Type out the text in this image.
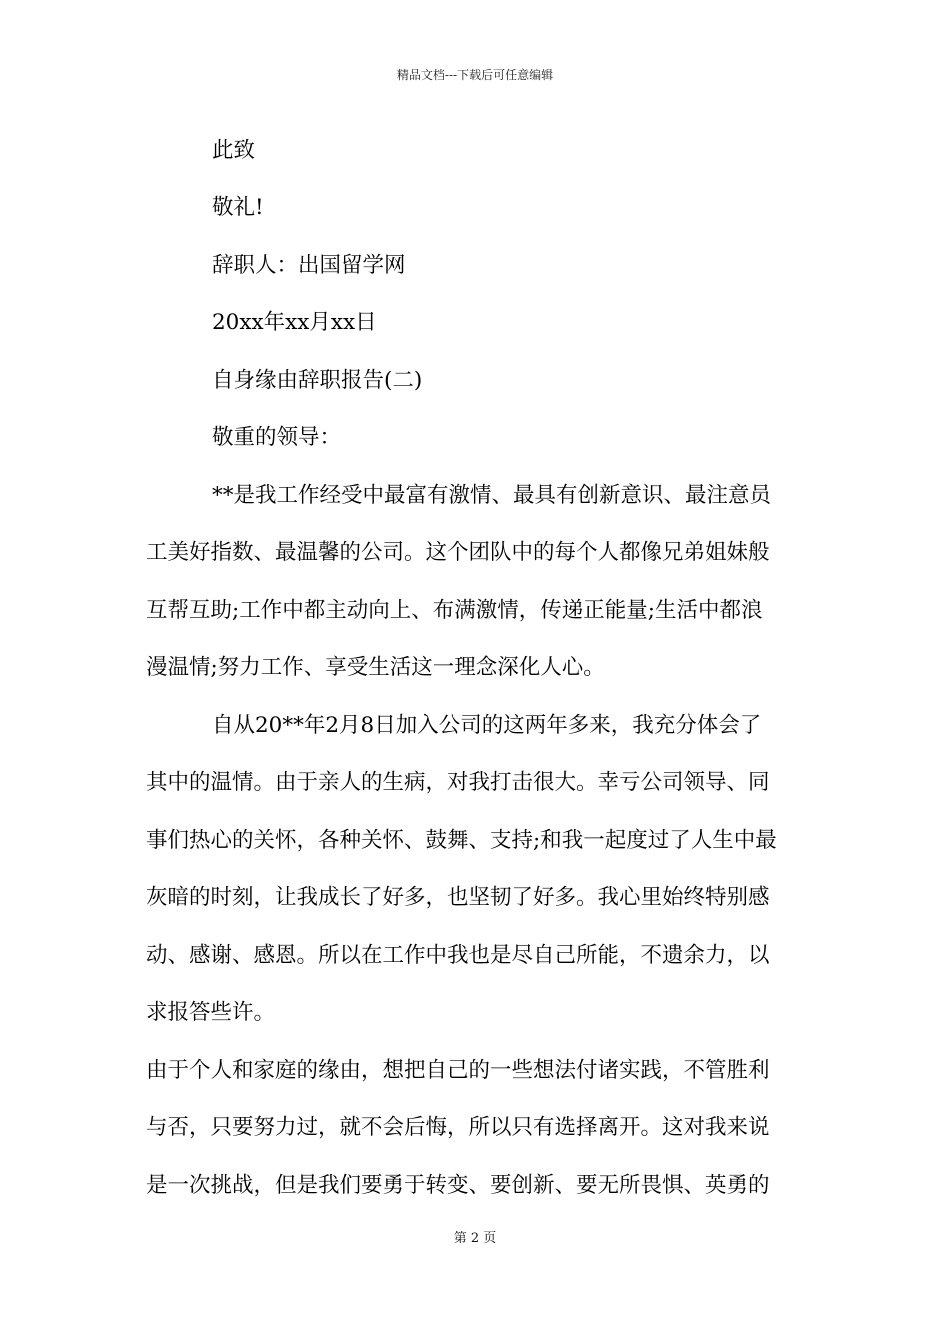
精品文档---下载后可任意编辑
此致
敬礼!
辞职人：出国留学网
20xx年xx月xx日
自身缘由辞职报告(二)
敬重的领导：
**是我工作经受中最富有激情、最具有创新意识、最注意员
工美好指数、最温馨的公司。这个团队中的每个人都像兄弟姐妹般
互帮互助;工作中都主动向上、布满激情，传递正能量;生活中都浪
漫温情;努力工作、享受生活这一理念深化人心。
自从20**年2月8日加入公司的这两年多来，我充分体会了
其中的温情。由于亲人的生病，对我打击很大。幸亏公司领导、同
事们热心的关怀，各种关怀、鼓舞、支持;和我一起度过了人生中最
灰暗的时刻，让我成长了好多，也坚韧了好多。我心里始终特别感
动、感谢、感恩。所以在工作中我也是尽自己所能，不遗余力，以
求报答些许。
由于个人和家庭的缘由，想把自己的一些想法付诸实践，不管胜利
与否，只要努力过，就不会后悔，所以只有选择离开。这对我来说
是一次挑战，但是我们要勇于转变、要创新、要无所畏惧、英勇的
第 2 页
